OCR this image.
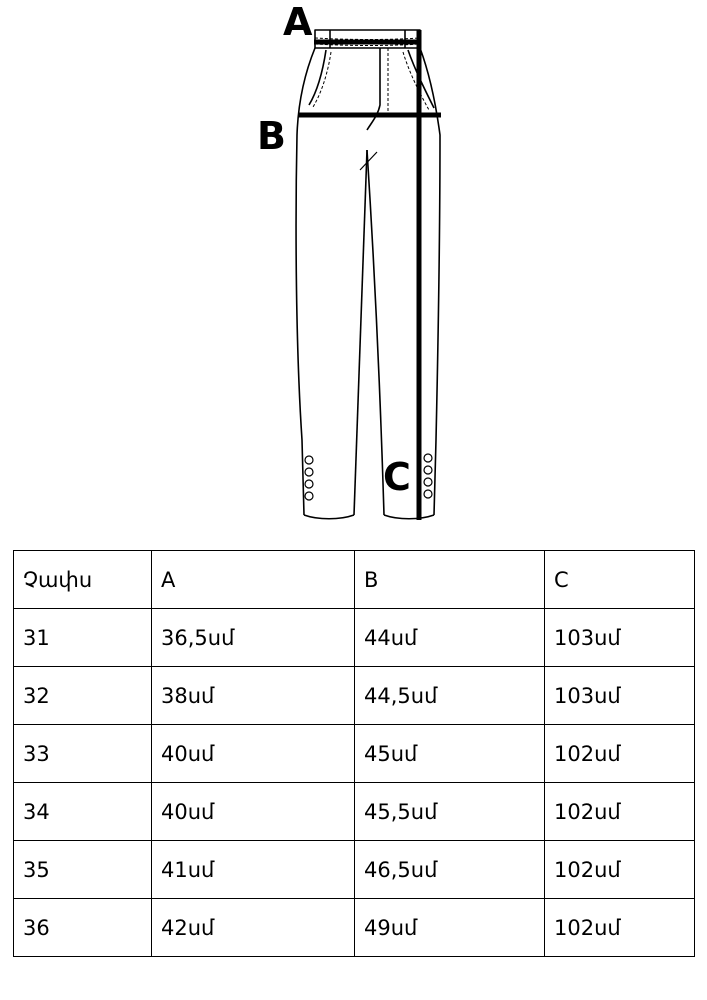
A
B
C
Չափս	A	B	C
31	36,5սմ	44սմ	103սմ
32	38սմ	44,5սմ	103սմ
33	40սմ	45սմ	102սմ
34	40սմ	45,5սմ	102սմ
35	41սմ	46,5սմ	102սմ
36	42սմ	49սմ	102սմ
